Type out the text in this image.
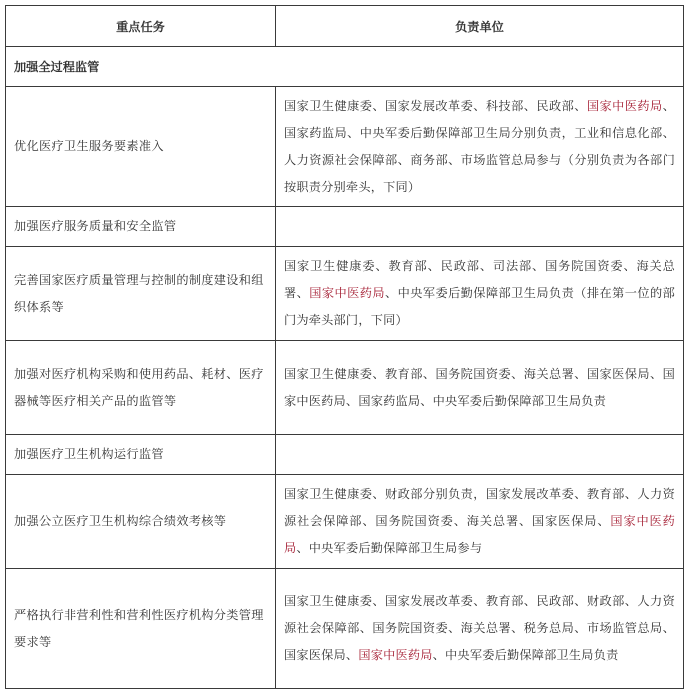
重点任务	负责单位
加强全过程监管	
优化医疗卫生服务要素准入	国家卫生健康委、国家发展改革委、科技部、民政部、国家中医药局、国家药监局、中央军委后勤保障部卫生局分别负责，工业和信息化部、人力资源社会保障部、商务部、市场监管总局参与（分别负责为各部门按职责分别牵头，下同）
加强医疗服务质量和安全监管	
完善国家医疗质量管理与控制的制度建设和组织体系等	国家卫生健康委、教育部、民政部、司法部、国务院国资委、海关总署、国家中医药局、中央军委后勤保障部卫生局负责（排在第一位的部门为牵头部门，下同）
加强对医疗机构采购和使用药品、耗材、医疗器械等医疗相关产品的监管等	国家卫生健康委、教育部、国务院国资委、海关总署、国家医保局、国家中医药局、国家药监局、中央军委后勤保障部卫生局负责
加强医疗卫生机构运行监管	
加强公立医疗卫生机构综合绩效考核等	国家卫生健康委、财政部分别负责，国家发展改革委、教育部、人力资源社会保障部、国务院国资委、海关总署、国家医保局、国家中医药局、中央军委后勤保障部卫生局参与
严格执行非营利性和营利性医疗机构分类管理要求等	国家卫生健康委、国家发展改革委、教育部、民政部、财政部、人力资源社会保障部、国务院国资委、海关总署、税务总局、市场监管总局、国家医保局、国家中医药局、中央军委后勤保障部卫生局负责
